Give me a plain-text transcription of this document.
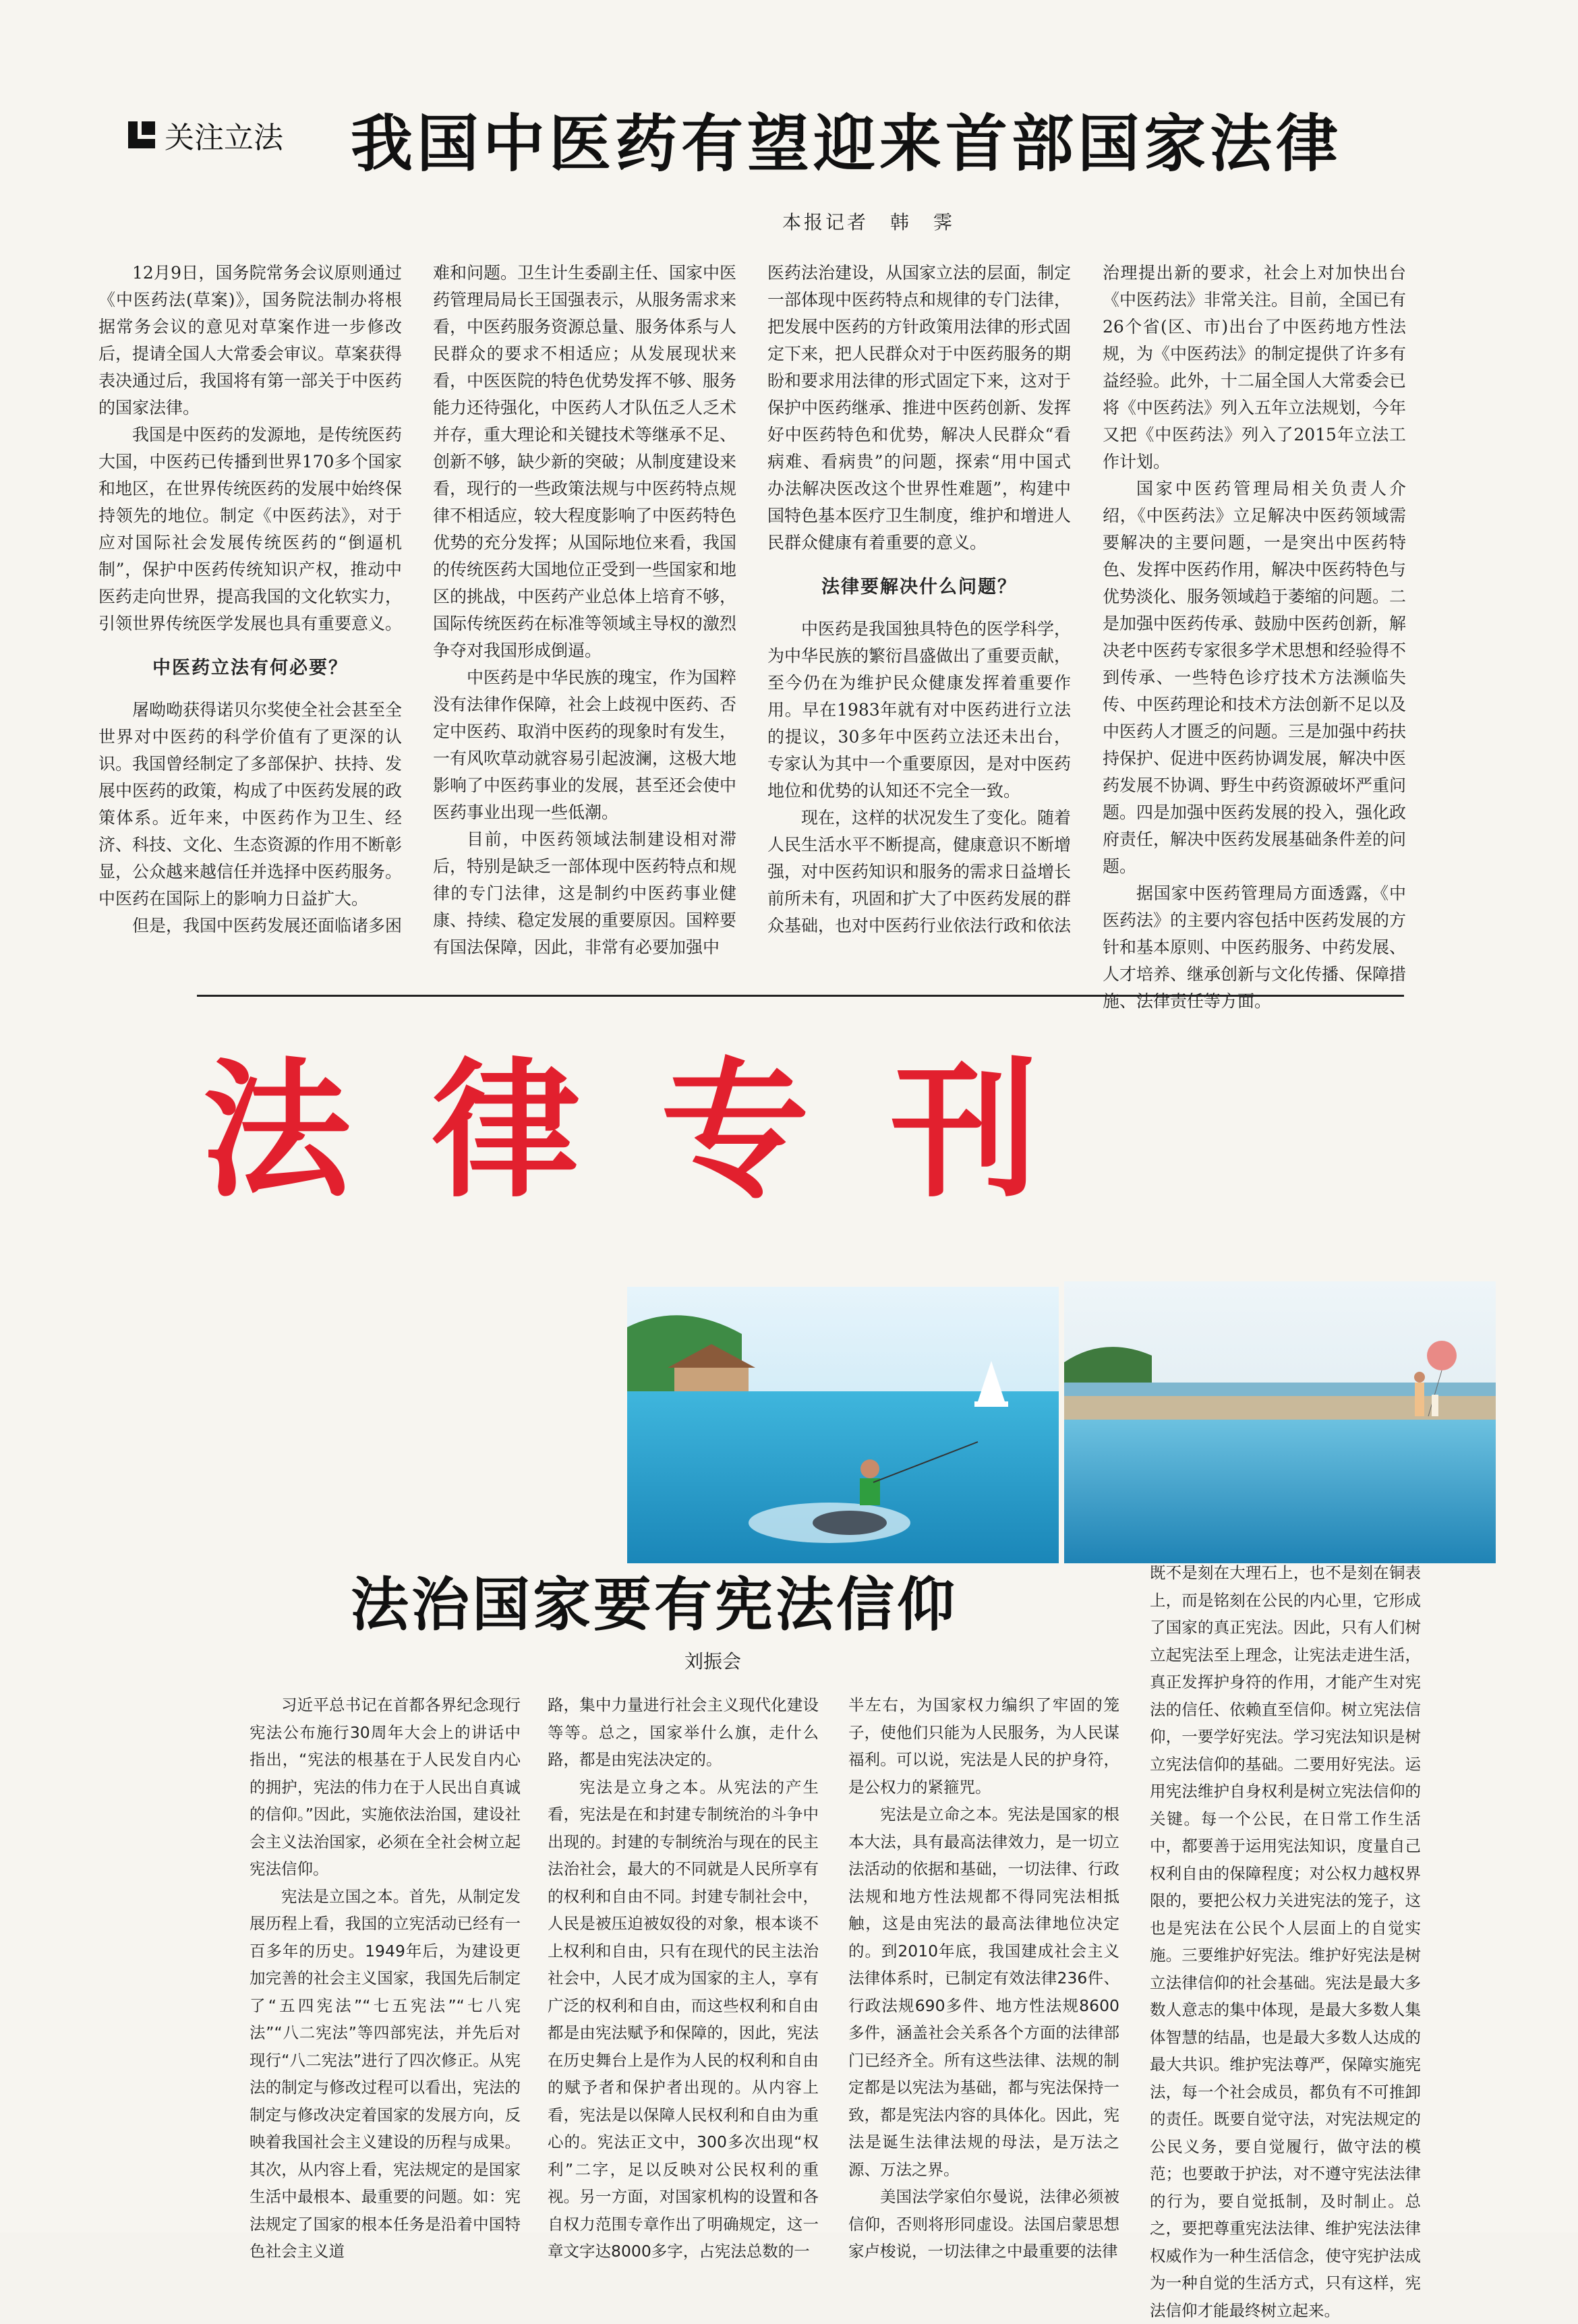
关注立法 我国中医药有望迎来首部国家法律
本报记者　韩　霁

12月9日，国务院常务会议原则通过《中医药法(草案)》，国务院法制办将根据常务会议的意见对草案作进一步修改后，提请全国人大常委会审议。草案获得表决通过后，我国将有第一部关于中医药的国家法律。

我国是中医药的发源地，是传统医药大国，中医药已传播到世界170多个国家和地区，在世界传统医药的发展中始终保持领先的地位。制定《中医药法》，对于应对国际社会发展传统医药的“倒逼机制”，保护中医药传统知识产权，推动中医药走向世界，提高我国的文化软实力，引领世界传统医学发展也具有重要意义。

中医药立法有何必要？

屠呦呦获得诺贝尔奖使全社会甚至全世界对中医药的科学价值有了更深的认识。我国曾经制定了多部保护、扶持、发展中医药的政策，构成了中医药发展的政策体系。近年来，中医药作为卫生、经济、科技、文化、生态资源的作用不断彰显，公众越来越信任并选择中医药服务。中医药在国际上的影响力日益扩大。

但是，我国中医药发展还面临诸多困

难和问题。卫生计生委副主任、国家中医药管理局局长王国强表示，从服务需求来看，中医药服务资源总量、服务体系与人民群众的要求不相适应；从发展现状来看，中医医院的特色优势发挥不够、服务能力还待强化，中医药人才队伍乏人乏术并存，重大理论和关键技术等继承不足、创新不够，缺少新的突破；从制度建设来看，现行的一些政策法规与中医药特点规律不相适应，较大程度影响了中医药特色优势的充分发挥；从国际地位来看，我国的传统医药大国地位正受到一些国家和地区的挑战，中医药产业总体上培育不够，国际传统医药在标准等领域主导权的激烈争夺对我国形成倒逼。

中医药是中华民族的瑰宝，作为国粹没有法律作保障，社会上歧视中医药、否定中医药、取消中医药的现象时有发生，一有风吹草动就容易引起波澜，这极大地影响了中医药事业的发展，甚至还会使中医药事业出现一些低潮。

目前，中医药领域法制建设相对滞后，特别是缺乏一部体现中医药特点和规律的专门法律，这是制约中医药事业健康、持续、稳定发展的重要原因。国粹要有国法保障，因此，非常有必要加强中

医药法治建设，从国家立法的层面，制定一部体现中医药特点和规律的专门法律，把发展中医药的方针政策用法律的形式固定下来，把人民群众对于中医药服务的期盼和要求用法律的形式固定下来，这对于保护中医药继承、推进中医药创新、发挥好中医药特色和优势，解决人民群众“看病难、看病贵”的问题，探索“用中国式办法解决医改这个世界性难题”，构建中国特色基本医疗卫生制度，维护和增进人民群众健康有着重要的意义。

法律要解决什么问题？

中医药是我国独具特色的医学科学，为中华民族的繁衍昌盛做出了重要贡献，至今仍在为维护民众健康发挥着重要作用。早在1983年就有对中医药进行立法的提议，30多年中医药立法还未出台，专家认为其中一个重要原因，是对中医药地位和优势的认知还不完全一致。

现在，这样的状况发生了变化。随着人民生活水平不断提高，健康意识不断增强，对中医药知识和服务的需求日益增长前所未有，巩固和扩大了中医药发展的群众基础，也对中医药行业依法行政和依法

治理提出新的要求，社会上对加快出台《中医药法》非常关注。目前，全国已有26个省(区、市)出台了中医药地方性法规，为《中医药法》的制定提供了许多有益经验。此外，十二届全国人大常委会已将《中医药法》列入五年立法规划，今年又把《中医药法》列入了2015年立法工作计划。

国家中医药管理局相关负责人介绍，《中医药法》立足解决中医药领域需要解决的主要问题，一是突出中医药特色、发挥中医药作用，解决中医药特色与优势淡化、服务领域趋于萎缩的问题。二是加强中医药传承、鼓励中医药创新，解决老中医药专家很多学术思想和经验得不到传承、一些特色诊疗技术方法濒临失传、中医药理论和技术方法创新不足以及中医药人才匮乏的问题。三是加强中药扶持保护、促进中医药协调发展，解决中医药发展不协调、野生中药资源破坏严重问题。四是加强中医药发展的投入，强化政府责任，解决中医药发展基础条件差的问题。

据国家中医药管理局方面透露，《中医药法》的主要内容包括中医药发展的方针和基本原则、中医药服务、中药发展、人才培养、继承创新与文化传播、保障措施、法律责任等方面。

法律专刊
法治国家要有宪法信仰
刘振会

习近平总书记在首都各界纪念现行宪法公布施行30周年大会上的讲话中指出，“宪法的根基在于人民发自内心的拥护，宪法的伟力在于人民出自真诚的信仰。”因此，实施依法治国，建设社会主义法治国家，必须在全社会树立起宪法信仰。

宪法是立国之本。首先，从制定发展历程上看，我国的立宪活动已经有一百多年的历史。1949年后，为建设更加完善的社会主义国家，我国先后制定了“五四宪法”“七五宪法”“七八宪法”“八二宪法”等四部宪法，并先后对现行“八二宪法”进行了四次修正。从宪法的制定与修改过程可以看出，宪法的制定与修改决定着国家的发展方向，反映着我国社会主义建设的历程与成果。其次，从内容上看，宪法规定的是国家生活中最根本、最重要的问题。如：宪法规定了国家的根本任务是沿着中国特色社会主义道

路，集中力量进行社会主义现代化建设等等。总之，国家举什么旗，走什么路，都是由宪法决定的。

宪法是立身之本。从宪法的产生看，宪法是在和封建专制统治的斗争中出现的。封建的专制统治与现在的民主法治社会，最大的不同就是人民所享有的权利和自由不同。封建专制社会中，人民是被压迫被奴役的对象，根本谈不上权利和自由，只有在现代的民主法治社会中，人民才成为国家的主人，享有广泛的权利和自由，而这些权利和自由都是由宪法赋予和保障的，因此，宪法在历史舞台上是作为人民的权利和自由的赋予者和保护者出现的。从内容上看，宪法是以保障人民权利和自由为重心的。宪法正文中，300多次出现“权利”二字，足以反映对公民权利的重视。另一方面，对国家机构的设置和各自权力范围专章作出了明确规定，这一章文字达8000多字，占宪法总数的一

半左右，为国家权力编织了牢固的笼子，使他们只能为人民服务，为人民谋福利。可以说，宪法是人民的护身符，是公权力的紧箍咒。

宪法是立命之本。宪法是国家的根本大法，具有最高法律效力，是一切立法活动的依据和基础，一切法律、行政法规和地方性法规都不得同宪法相抵触，这是由宪法的最高法律地位决定的。到2010年底，我国建成社会主义法律体系时，已制定有效法律236件、行政法规690多件、地方性法规8600多件，涵盖社会关系各个方面的法律部门已经齐全。所有这些法律、法规的制定都是以宪法为基础，都与宪法保持一致，都是宪法内容的具体化。因此，宪法是诞生法律法规的母法，是万法之源、万法之界。

美国法学家伯尔曼说，法律必须被信仰，否则将形同虚设。法国启蒙思想家卢梭说，一切法律之中最重要的法律

既不是刻在大理石上，也不是刻在铜表上，而是铭刻在公民的内心里，它形成了国家的真正宪法。因此，只有人们树立起宪法至上理念，让宪法走进生活，真正发挥护身符的作用，才能产生对宪法的信任、依赖直至信仰。树立宪法信仰，一要学好宪法。学习宪法知识是树立宪法信仰的基础。二要用好宪法。运用宪法维护自身权利是树立宪法信仰的关键。每一个公民，在日常工作生活中，都要善于运用宪法知识，度量自己权利自由的保障程度；对公权力越权界限的，要把公权力关进宪法的笼子，这也是宪法在公民个人层面上的自觉实施。三要维护好宪法。维护好宪法是树立法律信仰的社会基础。宪法是最大多数人意志的集中体现，是最大多数人集体智慧的结晶，也是最大多数人达成的最大共识。维护宪法尊严，保障实施宪法，每一个社会成员，都负有不可推卸的责任。既要自觉守法，对宪法规定的公民义务，要自觉履行，做守法的模范；也要敢于护法，对不遵守宪法法律的行为，要自觉抵制，及时制止。总之，要把尊重宪法法律、维护宪法法律权威作为一种生活信念，使守宪护法成为一种自觉的生活方式，只有这样，宪法信仰才能最终树立起来。
